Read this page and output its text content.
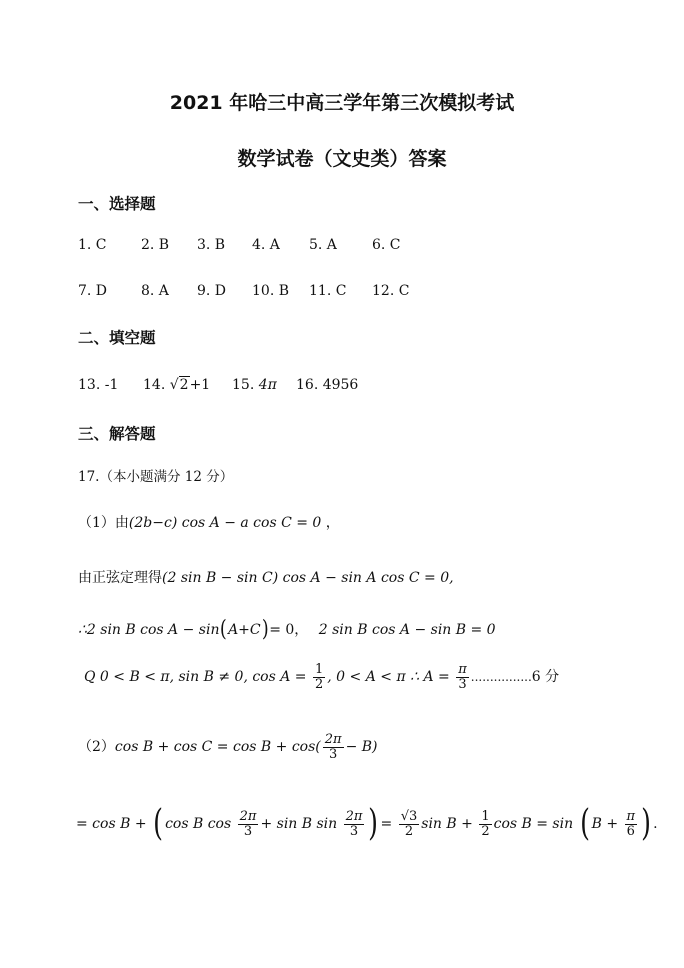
2021 年哈三中高三学年第三次模拟考试
数学试卷（文史类）答案
一、选择题
1. C 2. B 3. B 4. A 5. A	6. C
7. D 8. A 9. D 10. B 11. C 12. C
二、填空题
13. -1 14. √2+1 15. 4π 16. 4956
三、解答题
17.（本小题满分 12 分）
（1）由(2b−c) cos A − a cos C = 0 ，
由正弦定理得(2 sin B − sin C) cos A − sin A cos C = 0,
∴2 sin B cos A − sin(A+C)= 0， 2 sin B cos A − sin B = 0
Q 0 < B < π, sin B ≠ 0, $\cos A = \frac{1}{2}$ , 0 < A < π ∴ $A = \frac{\pi}{3} ................6$ 分
（2）cos $B + \cos C = \cos B + \cos( \frac{2\pi}{3} - B)$
= cos B + ( cos B $\cos \frac{2\pi}{3} + \sin B$ $\sin \frac{2\pi}{3}$ ) = $\frac{√3}{2}$ $\sin B + \frac{1}{2}$ cos B = sin ( $B + \frac{\pi}{6}$ ) .
